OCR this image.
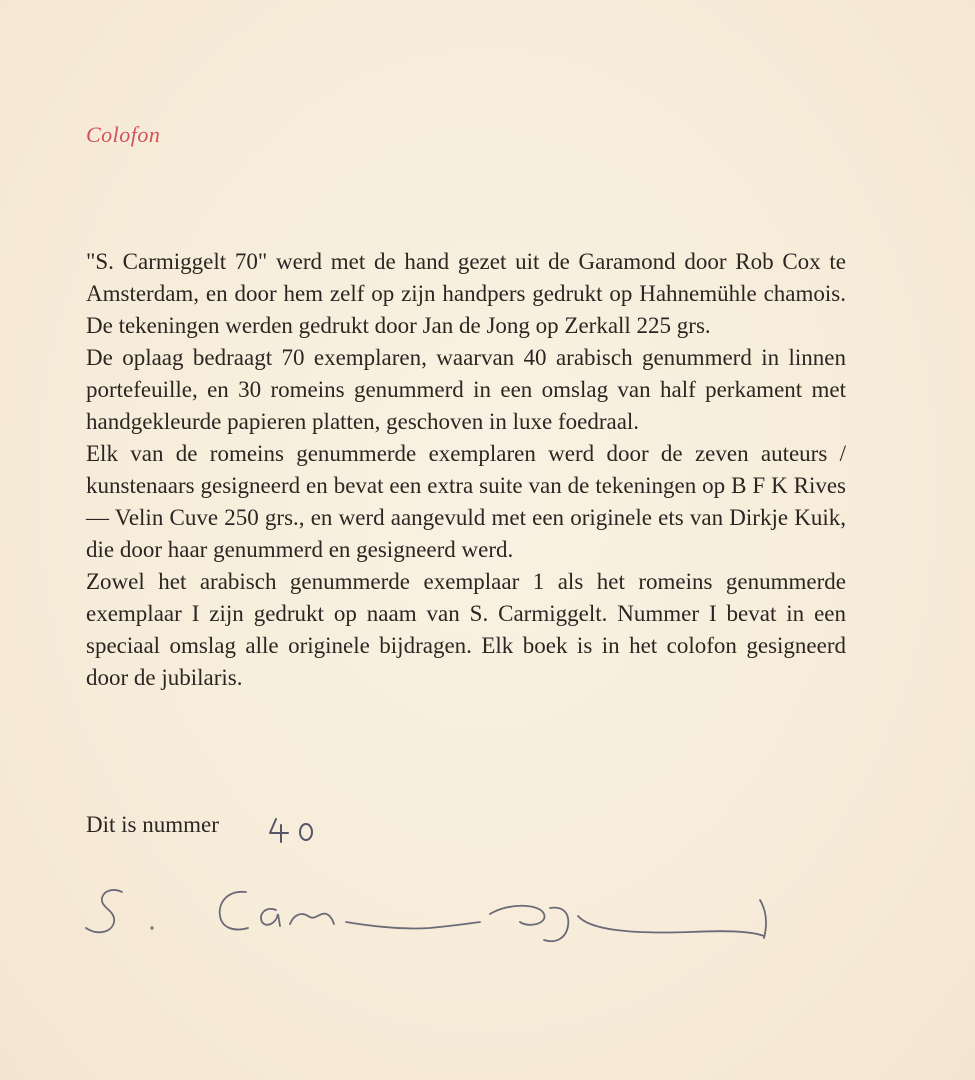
Colofon

"S. Carmiggelt 70" werd met de hand gezet uit de Garamond door Rob Cox te Amsterdam, en door hem zelf op zijn handpers gedrukt op Hahnemühle chamois. De tekeningen werden gedrukt door Jan de Jong op Zerkall 225 grs.

De oplaag bedraagt 70 exemplaren, waarvan 40 arabisch genummerd in linnen portefeuille, en 30 romeins genummerd in een omslag van half perkament met handgekleurde papieren platten, geschoven in luxe foedraal.

Elk van de romeins genummerde exemplaren werd door de zeven auteurs / kunstenaars gesigneerd en bevat een extra suite van de tekeningen op B F K Rives — Velin Cuve 250 grs., en werd aangevuld met een originele ets van Dirkje Kuik, die door haar genummerd en gesigneerd werd.

Zowel het arabisch genummerde exemplaar 1 als het romeins genummerde exemplaar I zijn gedrukt op naam van S. Carmiggelt. Nummer I bevat in een speciaal omslag alle originele bijdragen. Elk boek is in het colofon gesigneerd door de jubilaris.

Dit is nummer
